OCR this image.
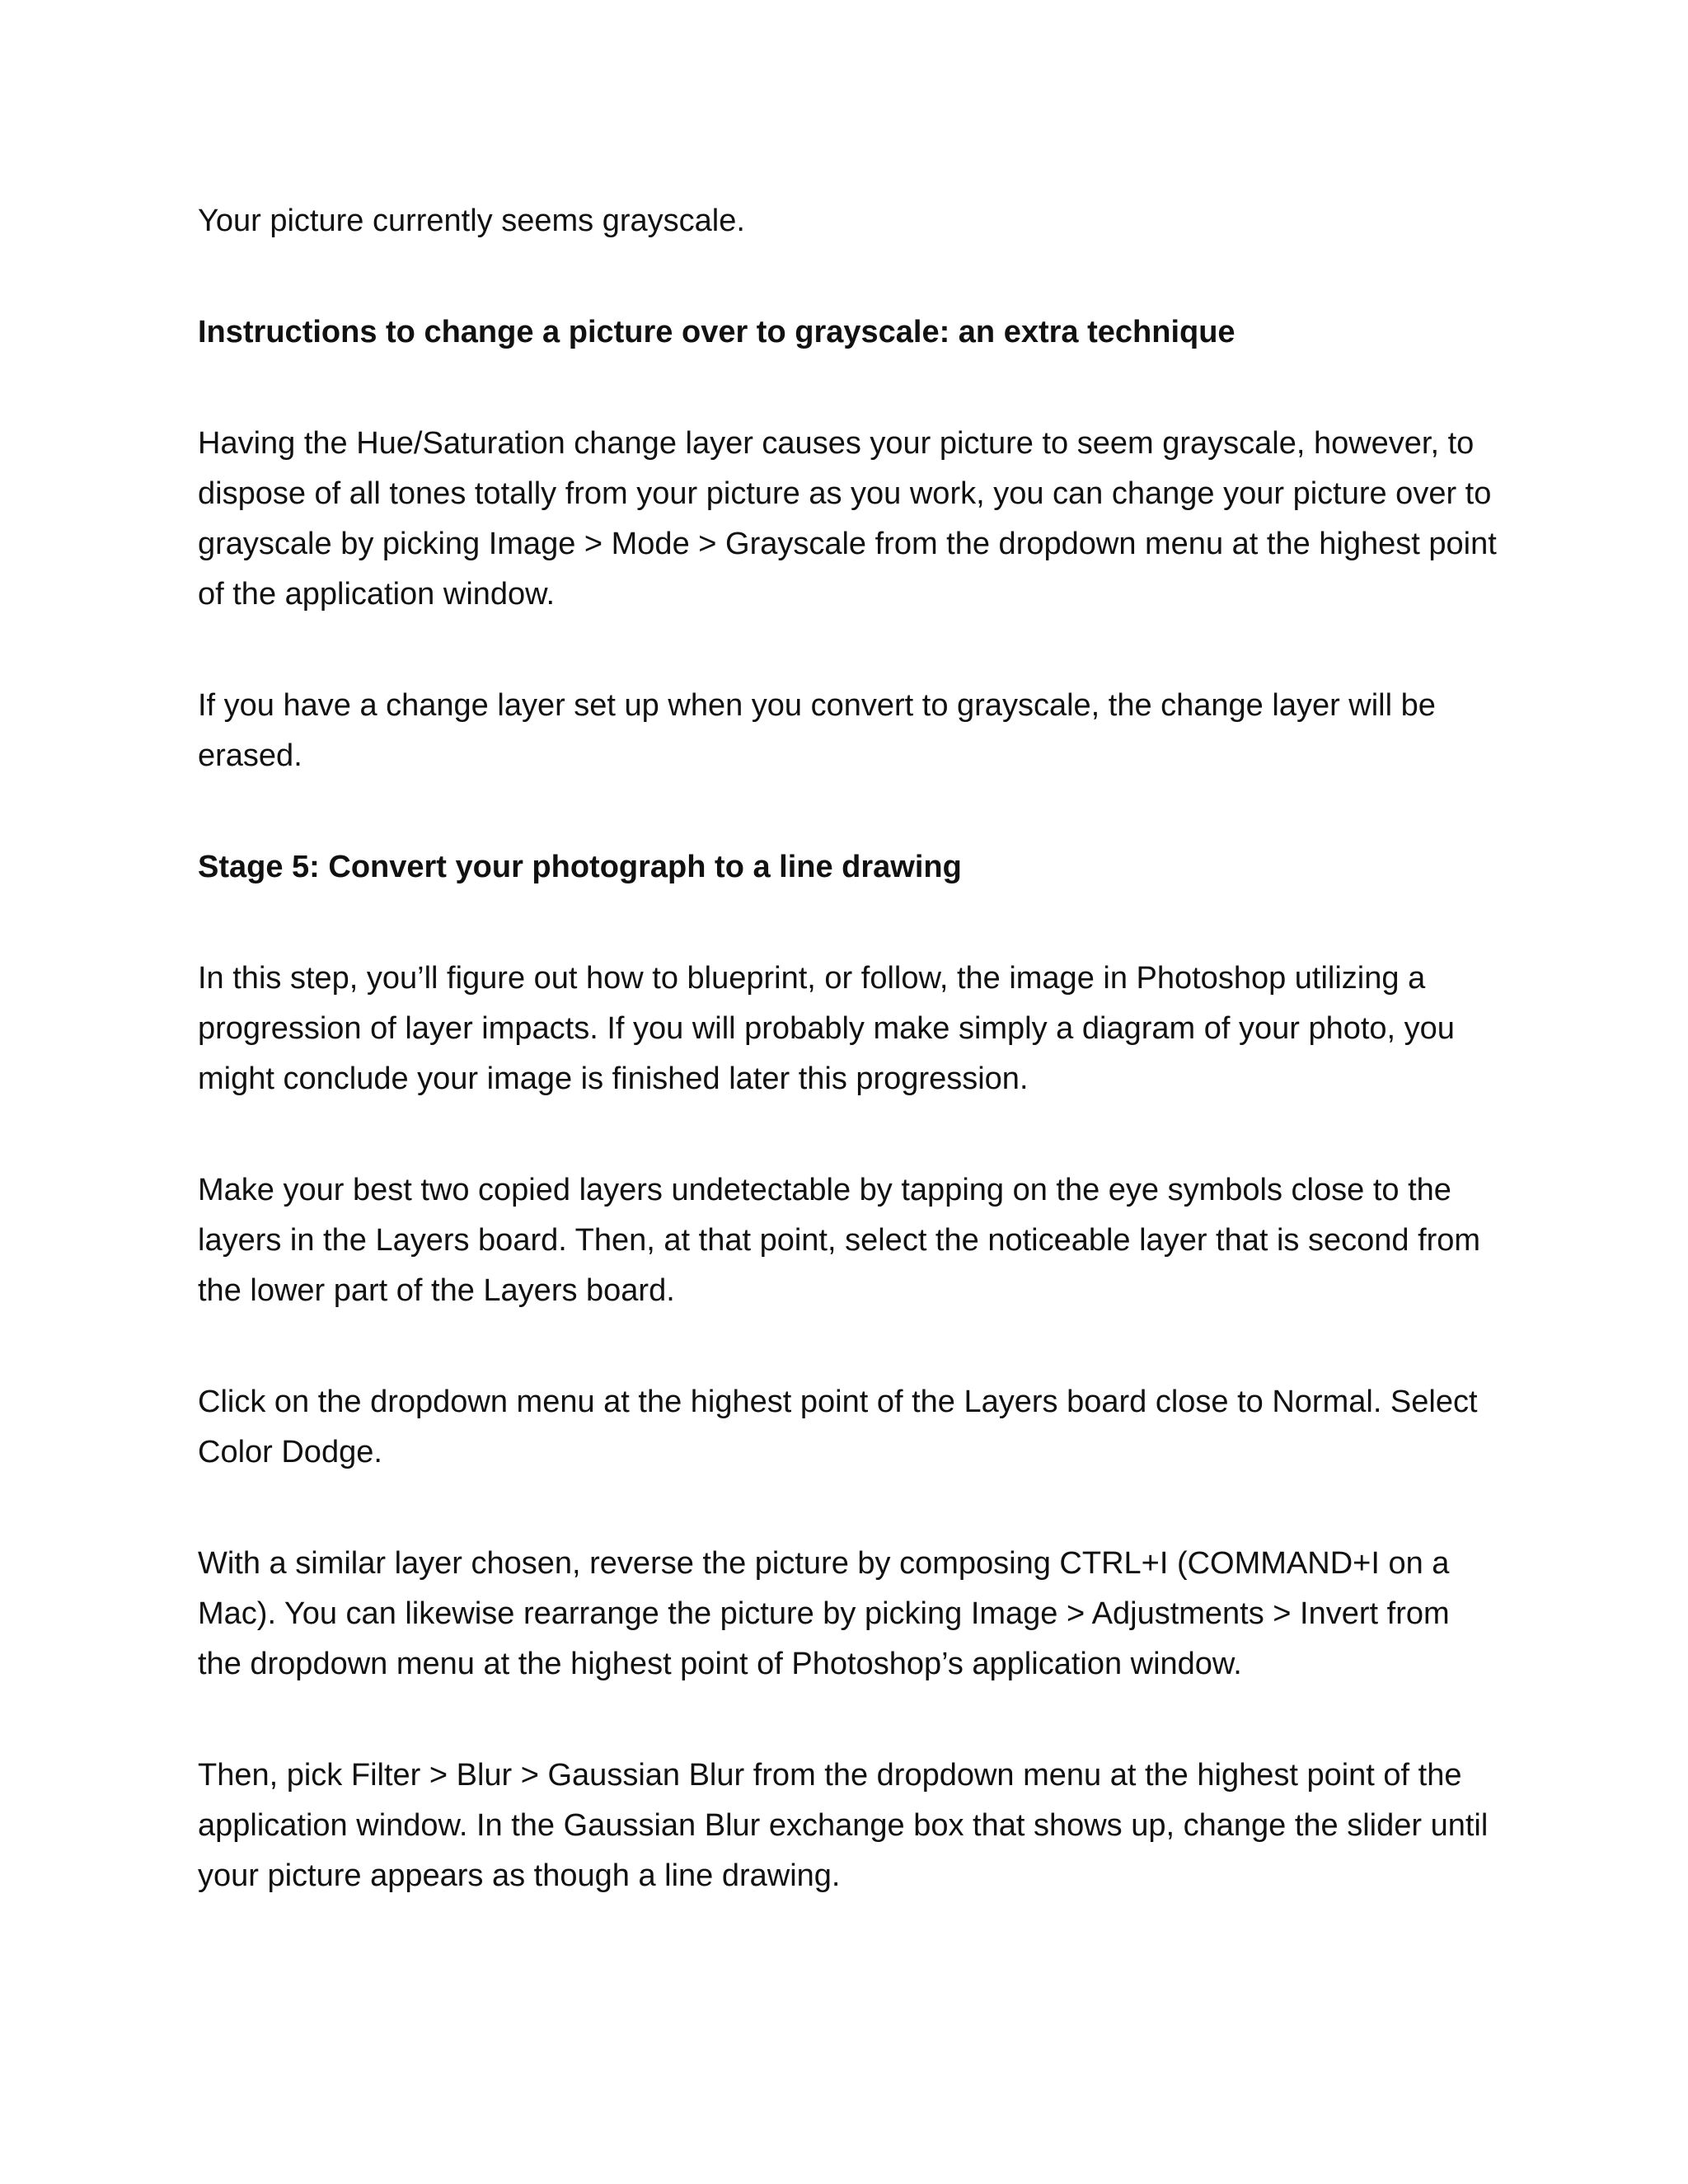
Your picture currently seems grayscale.

Instructions to change a picture over to grayscale: an extra technique

Having the Hue/Saturation change layer causes your picture to seem grayscale, however, to dispose of all tones totally from your picture as you work, you can change your picture over to grayscale by picking Image > Mode > Grayscale from the dropdown menu at the highest point of the application window.

If you have a change layer set up when you convert to grayscale, the change layer will be erased.

Stage 5: Convert your photograph to a line drawing

In this step, you’ll figure out how to blueprint, or follow, the image in Photoshop utilizing a progression of layer impacts. If you will probably make simply a diagram of your photo, you might conclude your image is finished later this progression.

Make your best two copied layers undetectable by tapping on the eye symbols close to the layers in the Layers board. Then, at that point, select the noticeable layer that is second from the lower part of the Layers board.

Click on the dropdown menu at the highest point of the Layers board close to Normal. Select Color Dodge.

With a similar layer chosen, reverse the picture by composing CTRL+I (COMMAND+I on a Mac). You can likewise rearrange the picture by picking Image > Adjustments > Invert from the dropdown menu at the highest point of Photoshop’s application window.

Then, pick Filter > Blur > Gaussian Blur from the dropdown menu at the highest point of the application window. In the Gaussian Blur exchange box that shows up, change the slider until your picture appears as though a line drawing.
